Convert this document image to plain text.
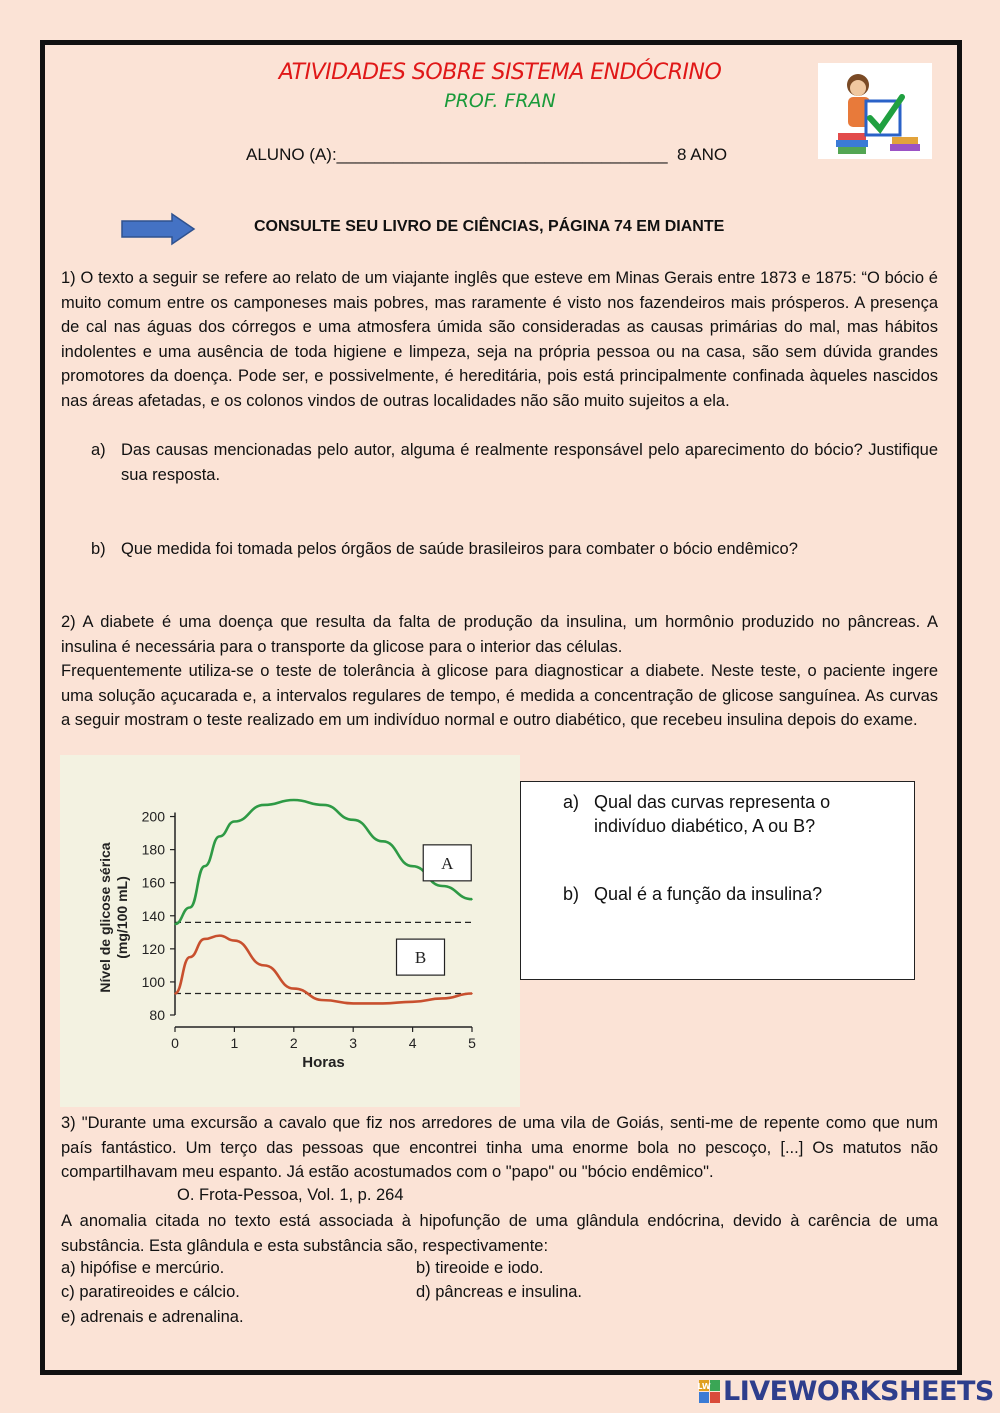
ATIVIDADES SOBRE SISTEMA ENDÓCRINO
PROF. FRAN
ALUNO (A):___________________________________ 8 ANO
CONSULTE SEU LIVRO DE CIÊNCIAS, PÁGINA 74 EM DIANTE

1) O texto a seguir se refere ao relato de um viajante inglês que esteve em Minas Gerais entre 1873 e 1875: “O bócio é muito comum entre os camponeses mais pobres, mas raramente é visto nos fazendeiros mais prósperos. A presença de cal nas águas dos córregos e uma atmosfera úmida são consideradas as causas primárias do mal, mas hábitos indolentes e uma ausência de toda higiene e limpeza, seja na própria pessoa ou na casa, são sem dúvida grandes promotores da doença. Pode ser, e possivelmente, é hereditária, pois está principalmente confinada àqueles nascidos nas áreas afetadas, e os colonos vindos de outras localidades não são muito sujeitos a ela.

a) Das causas mencionadas pelo autor, alguma é realmente responsável pelo aparecimento do bócio? Justifique sua resposta.
b) Que medida foi tomada pelos órgãos de saúde brasileiros para combater o bócio endêmico?

2) A diabete é uma doença que resulta da falta de produção da insulina, um hormônio produzido no pâncreas. A insulina é necessária para o transporte da glicose para o interior das células.

Frequentemente utiliza-se o teste de tolerância à glicose para diagnosticar a diabete. Neste teste, o paciente ingere uma solução açucarada e, a intervalos regulares de tempo, é medida a concentração de glicose sanguínea. As curvas a seguir mostram o teste realizado em um indivíduo normal e outro diabético, que recebeu insulina depois do exame.

80
100
120
140
160
180
200
0	1	2	3	4	5
Horas
Nível de glicose sérica (mg/100 mL)
A
B
a) Qual das curvas representa o indivíduo diabético, A ou B?
b) Qual é a função da insulina?

3) "Durante uma excursão a cavalo que fiz nos arredores de uma vila de Goiás, senti-me de repente como que num país fantástico. Um terço das pessoas que encontrei tinha uma enorme bola no pescoço, [...] Os matutos não compartilhavam meu espanto. Já estão acostumados com o "papo" ou "bócio endêmico".

O. Frota-Pessoa, Vol. 1, p. 264

A anomalia citada no texto está associada à hipofunção de uma glândula endócrina, devido à carência de uma substância. Esta glândula e esta substância são, respectivamente:

a) hipófise e mercúrio.	b) tireoide e iodo.
c) paratireoides e cálcio.	d) pâncreas e insulina.
e) adrenais e adrenalina.
LW LIVEWORKSHEETS
